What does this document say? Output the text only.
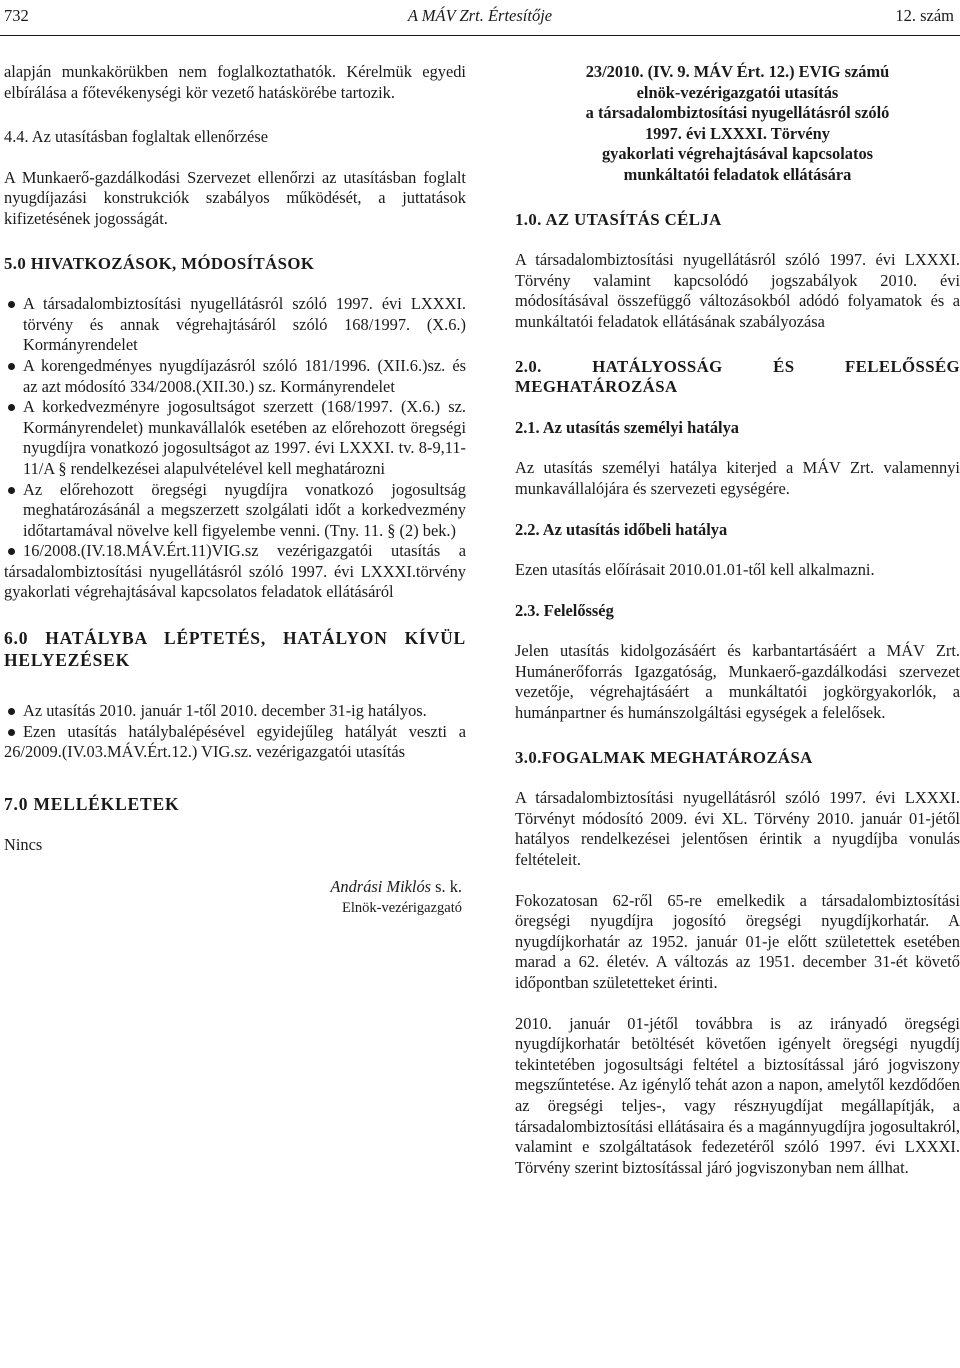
A MÁV Zrt. Értesítője
732	12. szám

alapján munkakörükben nem foglalkoztathatók. Kérelmük egyedi elbírálása a főtevékenységi kör vezető hatáskörébe tartozik.

4.4. Az utasításban foglaltak ellenőrzése

A Munkaerő-gazdálkodási Szervezet ellenőrzi az utasításban foglalt nyugdíjazási konstrukciók szabályos működését, a juttatások kifizetésének jogosságát.

5.0 HIVATKOZÁSOK, MÓDOSÍTÁSOK

A társadalombiztosítási nyugellátásról szóló 1997. évi LXXXI. törvény és annak végrehajtásáról szóló 168/1997. (X.6.) Kormányrendelet

A korengedményes nyugdíjazásról szóló 181/1996. (XII.6.)sz. és az azt módosító 334/2008.(XII.30.) sz. Kormányrendelet

A korkedvezményre jogosultságot szerzett (168/1997. (X.6.) sz. Kormányrendelet) munkavállalók esetében az előrehozott öregségi nyugdíjra vonatkozó jogosultságot az 1997. évi LXXXI. tv. 8-9,11-11/A § rendelkezései alapulvételével kell meghatározni

Az előrehozott öregségi nyugdíjra vonatkozó jogosultság meghatározásánál a megszerzett szolgálati időt a korkedvezmény időtartamával növelve kell figyelembe venni. (Tny. 11. § (2) bek.)

16/2008.(IV.18.MÁV.Ért.11)VIG.sz vezérigazgatói utasítás a társadalombiztosítási nyugellátásról szóló 1997. évi LXXXI.törvény gyakorlati végrehajtásával kapcsolatos feladatok ellátásáról

6.0 HATÁLYBA LÉPTETÉS, HATÁLYON KÍVÜL HELYEZÉSEK

Az utasítás 2010. január 1-től 2010. december 31-ig hatályos.

Ezen utasítás hatálybalépésével egyidejűleg hatályát veszti a 26/2009.(IV.03.MÁV.Ért.12.) VIG.sz. vezérigazgatói utasítás

7.0 MELLÉKLETEK

Nincs

Andrási Miklós s. k.
Elnök-vezérigazgató
23/2010. (IV. 9. MÁV Ért. 12.) EVIG számú
elnök-vezérigazgatói utasítás
a társadalombiztosítási nyugellátásról szóló
1997. évi LXXXI. Törvény
gyakorlati végrehajtásával kapcsolatos
munkáltatói feladatok ellátására

1.0. AZ UTASÍTÁS CÉLJA

A társadalombiztosítási nyugellátásról szóló 1997. évi LXXXI. Törvény valamint kapcsolódó jogszabályok 2010. évi módosításával összefüggő változásokból adódó folyamatok és a munkáltatói feladatok ellátásának szabályozása

2.0. HATÁLYOSSÁG ÉS FELELŐSSÉG MEGHATÁROZÁSA

2.1. Az utasítás személyi hatálya

Az utasítás személyi hatálya kiterjed a MÁV Zrt. valamennyi munkavállalójára és szervezeti egységére.

2.2. Az utasítás időbeli hatálya

Ezen utasítás előírásait 2010.01.01-től kell alkalmazni.

2.3. Felelősség

Jelen utasítás kidolgozásáért és karbantartásáért a MÁV Zrt. Humánerőforrás Igazgatóság, Munkaerő-gazdálkodási szervezet vezetője, végrehajtásáért a munkáltatói jogkörgyakorlók, a humánpartner és humánszolgáltási egységek a felelősek.

3.0.FOGALMAK MEGHATÁROZÁSA

A társadalombiztosítási nyugellátásról szóló 1997. évi LXXXI. Törvényt módosító 2009. évi XL. Törvény 2010. január 01-jétől hatályos rendelkezései jelentősen érintik a nyugdíjba vonulás feltételeit.

Fokozatosan 62-ről 65-re emelkedik a társadalombiztosítási öregségi nyugdíjra jogosító öregségi nyugdíjkorhatár. A nyugdíjkorhatár az 1952. január 01-je előtt születettek esetében marad a 62. életév. A változás az 1951. december 31-ét követő időpontban születetteket érinti.

2010. január 01-jétől továbbra is az irányadó öregségi nyugdíjkorhatár betöltését követően igényelt öregségi nyugdíj tekintetében jogosultsági feltétel a biztosítással járó jogviszony megszűntetése. Az igénylő tehát azon a napon, amelytől kezdődően az öregségi teljes-, vagy részнyugdíjat megállapítják, a társadalombiztosítási ellátásaira és a magánnyugdíjra jogosultakról, valamint e szolgáltatások fedezetéről szóló 1997. évi LXXXI. Törvény szerint biztosítással járó jogviszonyban nem állhat.
